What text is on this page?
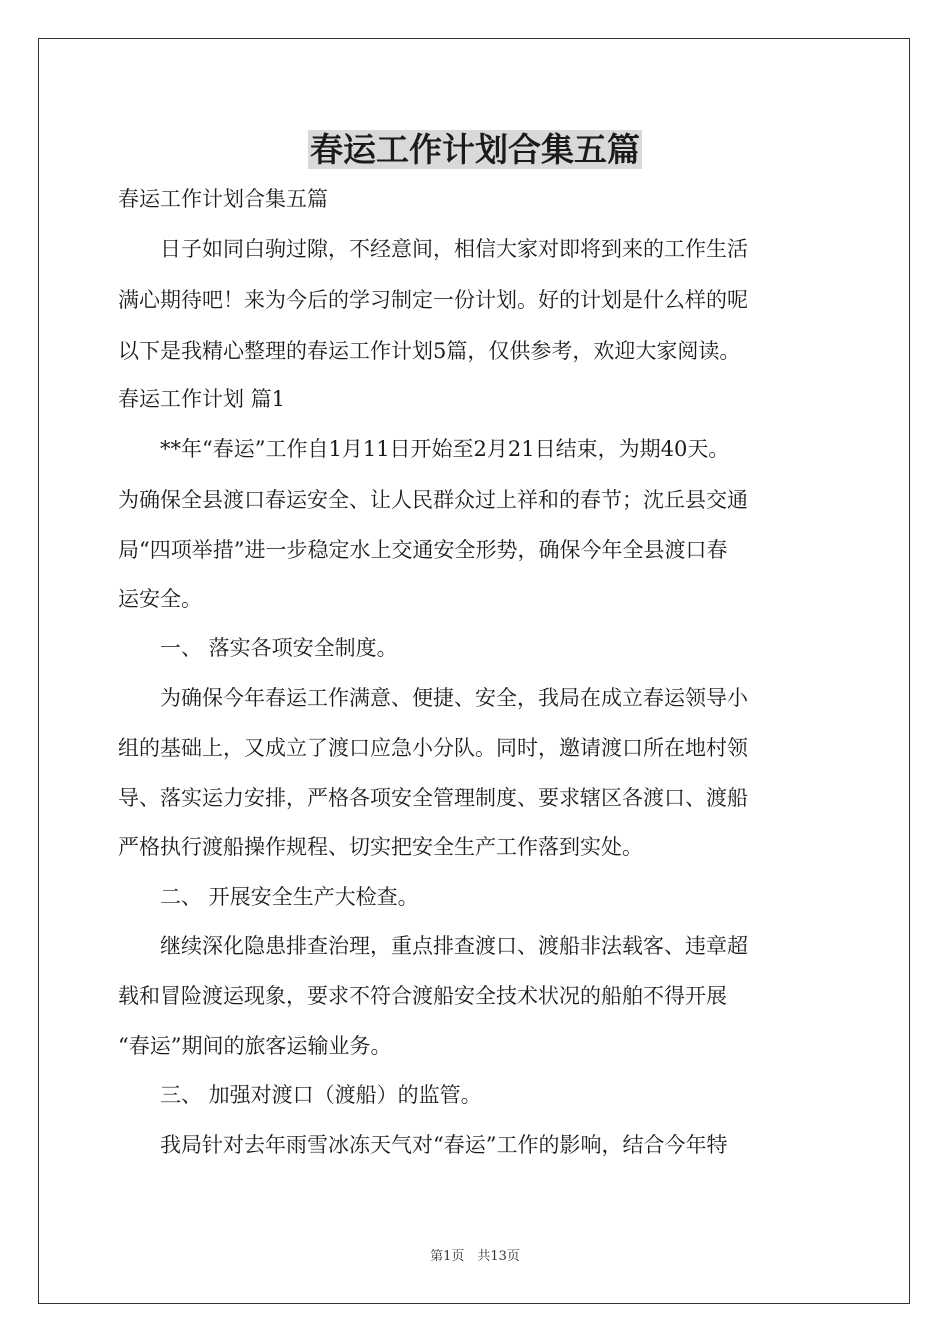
春运工作计划合集五篇

春运工作计划合集五篇

　　日子如同白驹过隙，不经意间，相信大家对即将到来的工作生活

满心期待吧！来为今后的学习制定一份计划。好的计划是什么样的呢

以下是我精心整理的春运工作计划5篇，仅供参考，欢迎大家阅读。

春运工作计划 篇1

　　**年“春运”工作自1月11日开始至2月21日结束，为期40天。

为确保全县渡口春运安全、让人民群众过上祥和的春节；沈丘县交通

局“四项举措”进一步稳定水上交通安全形势，确保今年全县渡口春

运安全。

　　一、 落实各项安全制度。

　　为确保今年春运工作满意、便捷、安全，我局在成立春运领导小

组的基础上，又成立了渡口应急小分队。同时，邀请渡口所在地村领

导、落实运力安排，严格各项安全管理制度、要求辖区各渡口、渡船

严格执行渡船操作规程、切实把安全生产工作落到实处。

　　二、 开展安全生产大检查。

　　继续深化隐患排查治理，重点排查渡口、渡船非法载客、违章超

载和冒险渡运现象，要求不符合渡船安全技术状况的船舶不得开展

“春运”期间的旅客运输业务。

　　三、 加强对渡口（渡船）的监管。

　　我局针对去年雨雪冰冻天气对“春运”工作的影响，结合今年特

第1页　共13页
